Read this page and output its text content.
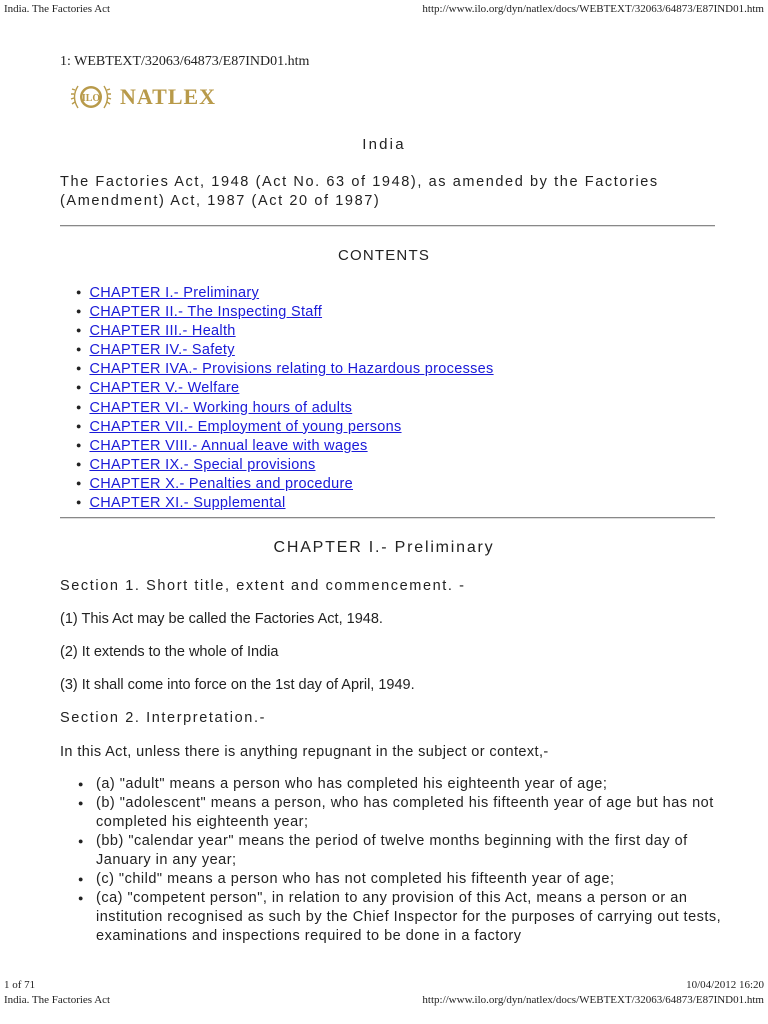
India. The Factories Act	http://www.ilo.org/dyn/natlex/docs/WEBTEXT/32063/64873/E87IND01.htm
1: WEBTEXT/32063/64873/E87IND01.htm
ILO NATLEX
India

The Factories Act, 1948 (Act No. 63 of 1948), as amended by the Factories (Amendment) Act, 1987 (Act 20 of 1987)

CONTENTS
● CHAPTER I.- Preliminary
● CHAPTER II.- The Inspecting Staff
● CHAPTER III.- Health
● CHAPTER IV.- Safety
● CHAPTER IVA.- Provisions relating to Hazardous processes
● CHAPTER V.- Welfare
● CHAPTER VI.- Working hours of adults
● CHAPTER VII.- Employment of young persons
● CHAPTER VIII.- Annual leave with wages
● CHAPTER IX.- Special provisions
● CHAPTER X.- Penalties and procedure
● CHAPTER XI.- Supplemental
CHAPTER I.- Preliminary

Section 1. Short title, extent and commencement. -

(1) This Act may be called the Factories Act, 1948.

(2) It extends to the whole of India

(3) It shall come into force on the 1st day of April, 1949.

Section 2. Interpretation.-

In this Act, unless there is anything repugnant in the subject or context,-

● (a) "adult" means a person who has completed his eighteenth year of age;
● (b) "adolescent" means a person, who has completed his fifteenth year of age but has not completed his eighteenth year;
● (bb) "calendar year" means the period of twelve months beginning with the first day of January in any year;
● (c) "child" means a person who has not completed his fifteenth year of age;
● (ca) "competent person", in relation to any provision of this Act, means a person or an institution recognised as such by the Chief Inspector for the purposes of carrying out tests, examinations and inspections required to be done in a factory
1 of 71	10/04/2012 16:20
India. The Factories Act	http://www.ilo.org/dyn/natlex/docs/WEBTEXT/32063/64873/E87IND01.htm
